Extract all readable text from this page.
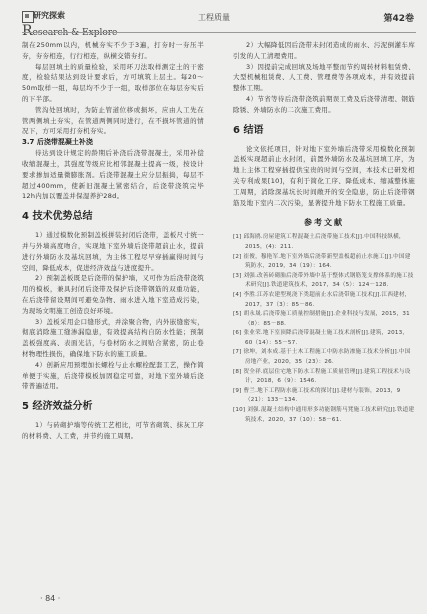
研究探索
Research & Explore
工程质量	第42卷

制在250mm以内，机械夯实不少于3遍，打夯时一夯压半夯，夯夯相连，行行相连，纵横交错夯打。

每层回填土的质量检验，采用环刀法取样测定土的干密度，检验结果达到设计要求后，方可填筑上层土。每20～50m取样一组，每层均不少于一组，取样部位在每层夯实后的下半部。

管沟处回填时，为防止管道位移或损坏，应由人工先在管两侧填土夯实，在管道两侧同时进行，在不损坏管道的情况下，方可采用打夯机夯实。

3.7 后浇带混凝土补浇

待达到设计规定的龄期后补浇后浇带混凝土，采用补偿收缩混凝土，其强度等级应比相邻混凝土提高一级，按设计要求掺加适量微膨胀剂。后浇带混凝土应分层振捣，每层不超过400mm，使新旧混凝土紧密结合，后浇带浇筑完毕12h内加以覆盖并保湿养护28d。

4 技术优势总结

1）通过模数化预制盖板拼装封闭后浇带，盖板尺寸统一并与外墙高度吻合，实现地下室外墙后浇带超前止水，提前进行外墙防水及基坑回填，为主体工程尽早穿插赢得时间与空间，降低成本，促进经济效益与进度提升。

2）预制盖板既是后浇带的保护墙，又可作为后浇带浇筑用的模板，兼具封闭后浇带及保护后浇带钢筋的双重功能，在后浇带留设期间可避免杂物、雨水进入地下室造成污染，为现场文明施工创造良好环境。

3）盖板采用企口缝形式，并涂聚合物，内外嵌缝密实，彻底消除施工缝渗漏隐患，有效提高结构自防水性能；预制盖板强度高、表面光洁，与卷材防水之间贴合紧密，防止卷材物理性损伤，确保地下防水的施工质量。

4）创新应用预埋加长螺栓与止水螺栓配套工艺，操作简单便于实施，后浇带模板加固稳定可靠，对地下室外墙后浇带普遍适用。

5 经济效益分析

1）与砖砌护墙等传统工艺相比，可节省砌筑、抹灰工序的材料费、人工费，并节约施工周期。

2）大幅降低因后浇带未封闭造成的雨水、污泥倒灌车库引发的人工清理费用。

3）因提前完成回填及场地平整而节约周转材料租赁费、大型机械租赁费、人工费、管理费等各项成本，并有效提前整体工期。

4）节省等待后浇带浇筑前期误工费及后浇带清理、钢筋除锈、外墙防水的二次施工费用。

6 结语

论文依托项目，针对地下室外墙后浇带采用模数化预制盖板实现超前止水封闭，前置外墙防水及基坑回填工序，为地上主体工程穿插提供宝贵的时间与空间，本技术已研发相关专利成果[10]，有利于简化工序、降低成本、缩减整体施工周期，消除深基坑长时间敞开的安全隐患，防止后浇带钢筋及地下室内二次污染，显著提升地下防水工程施工质量。

参考文献

[1] 邱海鸥.房屋建筑工程混凝土后浇带施工技术[J].中国科技纵横，2015，(4)：211.

[2] 崔俊，穆艳军.地下室外墙后浇带新型盖板超前止水施工[J].中国建筑防水，2019，34（19）：164.

[3] 刘强.改善砖砌胎后浇带外墙中基于整体式钢筋笼支撑体系的施工技术研究[J].铁道建筑技术，2017，34（5）：124－128.

[4] 李胜.江苏农建型现浇下类超前止水后浇带施工技术[J].江西建材，2017，37（3）：85－86.

[5] 胡永晟.后浇带施工质量控制措施[J].企业科技与发展，2015，31（8）：85－88.

[6] 张业荣.地下室顶降后浇带混凝土施工技术剖析[J].建筑，2013，60（14）：55－57.

[7] 徐坤，刘本成.基于土木工程施工中防水防渗施工技术分析[J].中国房地产业，2020，35（23）：26.

[8] 贺全祥.底层住宅地下防水工程施工质量管理[J].建筑工程技术与设计，2018，6（9）：1546.

[9] 曹兰.地下工程防水施工技术的探讨[J].建材与装饰，2013，9（21）：133－134.

[10] 刘强.混凝土结构中通用形多功能钢筋马凳施工技术研究[J].铁道建筑技术，2020，37（10）：58－61.

· 84 ·
